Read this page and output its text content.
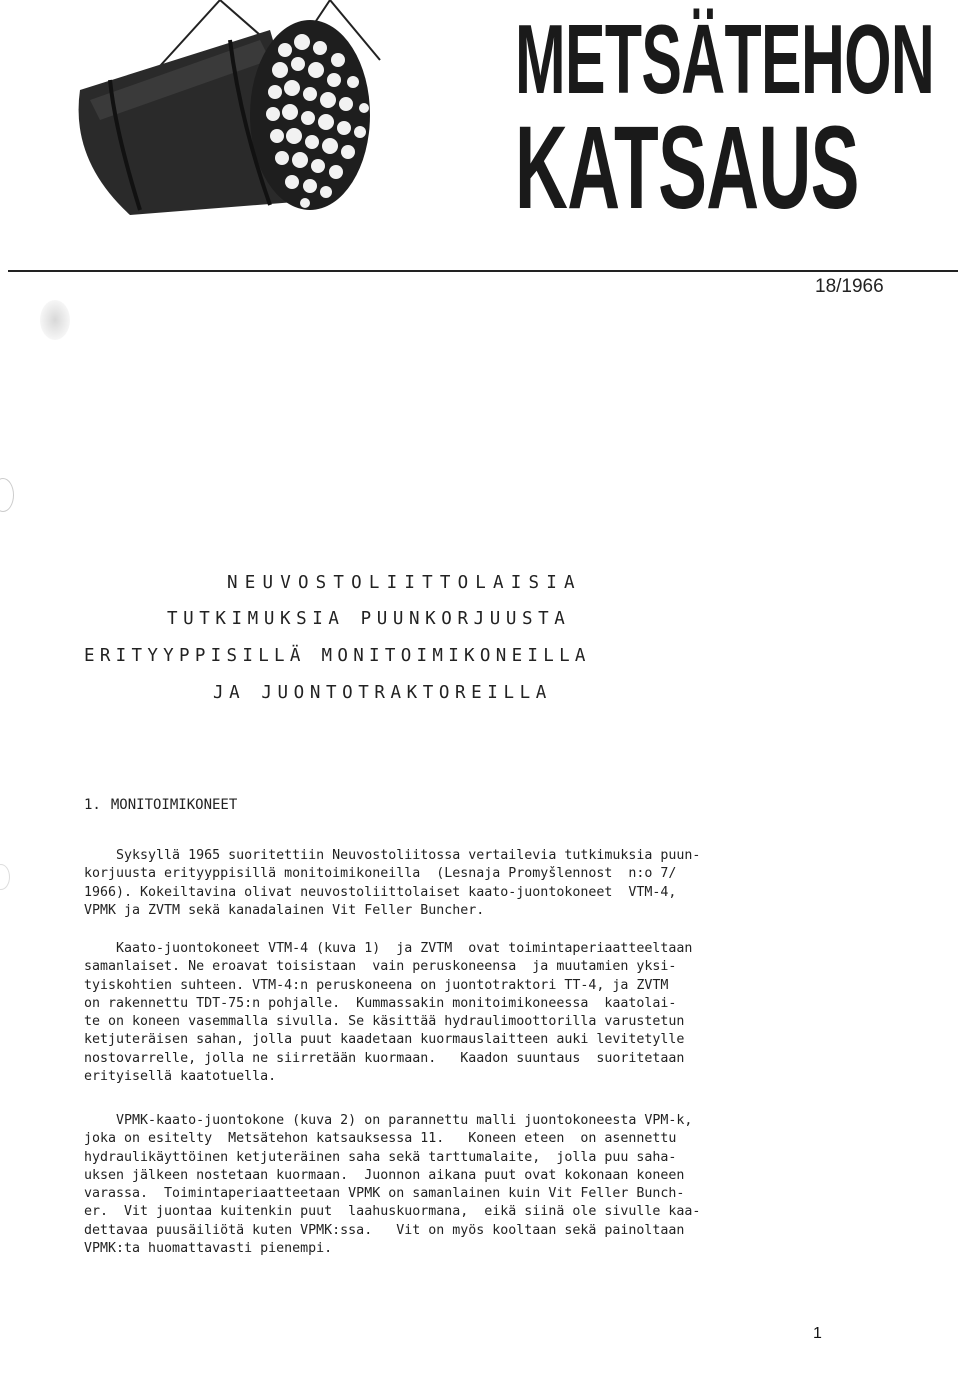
METSÄTEHON
KATSAUS
18/1966
NEUVOSTOLIITTOLAISIA
TUTKIMUKSIA PUUNKORJUUSTA
ERITYYPPISILLÄ MONITOIMIKONEILLA
JA JUONTOTRAKTOREILLA
1. MONITOIMIKONEET
Syksyllä 1965 suoritettiin Neuvostoliitossa vertailevia tutkimuksia puun-
korjuusta erityyppisillä monitoimikoneilla  (Lesnaja Promyšlennost  n:o 7/
1966). Kokeiltavina olivat neuvostoliittolaiset kaato-juontokoneet  VTM-4,
VPMK ja ZVTM sekä kanadalainen Vit Feller Buncher.
Kaato-juontokoneet VTM-4 (kuva 1)  ja ZVTM  ovat toimintaperiaatteeltaan
samanlaiset. Ne eroavat toisistaan  vain peruskoneensa  ja muutamien yksi-
tyiskohtien suhteen. VTM-4:n peruskoneena on juontotraktori TT-4, ja ZVTM
on rakennettu TDT-75:n pohjalle.  Kummassakin monitoimikoneessa  kaatolai-
te on koneen vasemmalla sivulla. Se käsittää hydraulimoottorilla varustetun
ketjuteräisen sahan, jolla puut kaadetaan kuormauslaitteen auki levitetylle
nostovarrelle, jolla ne siirretään kuormaan.   Kaadon suuntaus  suoritetaan
erityisellä kaatotuella.
VPMK-kaato-juontokone (kuva 2) on parannettu malli juontokoneesta VPM-k,
joka on esitelty  Metsätehon katsauksessa 11.   Koneen eteen  on asennettu
hydraulikäyttöinen ketjuteräinen saha sekä tarttumalaite,  jolla puu saha-
uksen jälkeen nostetaan kuormaan.  Juonnon aikana puut ovat kokonaan koneen
varassa.  Toimintaperiaatteetaan VPMK on samanlainen kuin Vit Feller Bunch-
er.  Vit juontaa kuitenkin puut  laahuskuormana,  eikä siinä ole sivulle kaa-
dettavaa puusäiliötä kuten VPMK:ssa.   Vit on myös kooltaan sekä painoltaan
VPMK:ta huomattavasti pienempi.
1
